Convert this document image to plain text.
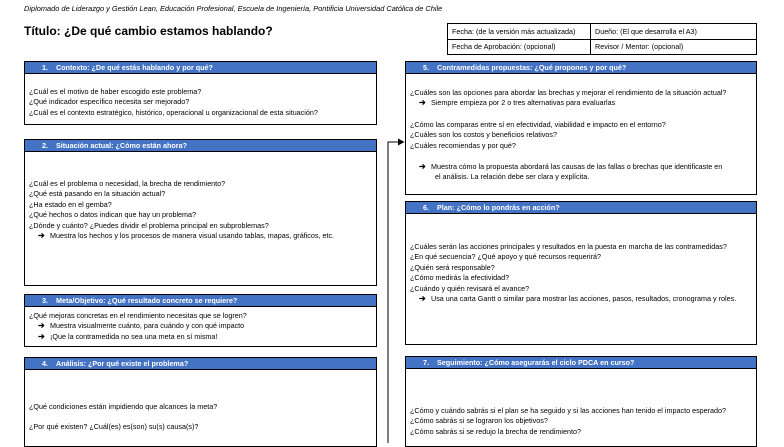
Diplomado de Liderazgo y Gestión Lean, Educación Profesional, Escuela de Ingeniería, Pontificia Universidad Católica de Chile
Título: ¿De qué cambio estamos hablando?	Fecha: (de la versión más actualizada)	Dueño: (El que desarrolla el A3)
Fecha de Aprobación: (opcional)	Revisor / Mentor: (opcional)
1. Contexto: ¿De qué estás hablando y por qué?
¿Cuál es el motivo de haber escogido este problema?
¿Qué indicador específico necesita ser mejorado?
¿Cuál es el contexto estratégico, histórico, operacional u organizacional de esta situación?
2. Situación actual: ¿Cómo están ahora?
¿Cuál es el problema o necesidad, la brecha de rendimiento?
¿Qué está pasando en la situación actual?
¿Ha estado en el gemba?
¿Qué hechos o datos indican que hay un problema?
¿Dónde y cuánto? ¿Puedes dividir el problema principal en subproblemas?
➔ Muestra los hechos y los procesos de manera visual usando tablas, mapas, gráficos, etc.
3. Meta/Objetivo: ¿Qué resultado concreto se requiere?
¿Qué mejoras concretas en el rendimiento necesitas que se logren?
➔ Muestra visualmente cuánto, para cuándo y con qué impacto
➔ ¡Que la contramedida no sea una meta en sí misma!
4. Análisis: ¿Por qué existe el problema?
¿Qué condiciones están impidiendo que alcances la meta?
¿Por qué existen? ¿Cuál(es) es(son) su(s) causa(s)?
5. Contramedidas propuestas: ¿Qué propones y por qué?
¿Cuáles son las opciones para abordar las brechas y mejorar el rendimiento de la situación actual?
➔ Siempre empieza por 2 o tres alternativas para evaluarlas
¿Cómo las comparas entre sí en efectividad, viabilidad e impacto en el entorno?
¿Cuáles son los costos y beneficios relativos?
¿Cuáles recomiendas y por qué?
➔ Muestra cómo la propuesta abordará las causas de las fallas o brechas que identificaste en
el análisis. La relación debe ser clara y explícita.
6. Plan: ¿Cómo lo pondrás en acción?
¿Cuáles serán las acciones principales y resultados en la puesta en marcha de las contramedidas?
¿En qué secuencia? ¿Qué apoyo y qué recursos requerirá?
¿Quién será responsable?
¿Cómo medirás la efectividad?
¿Cuándo y quién revisará el avance?
➔ Usa una carta Gantt o similar para mostrar las acciones, pasos, resultados, cronograma y roles.
7. Seguimiento: ¿Cómo asegurarás el ciclo PDCA en curso?
¿Cómo y cuándo sabrás si el plan se ha seguido y si las acciones han tenido el impacto esperado?
¿Cómo sabrás si se lograron los objetivos?
¿Cómo sabrás si se redujo la brecha de rendimiento?
